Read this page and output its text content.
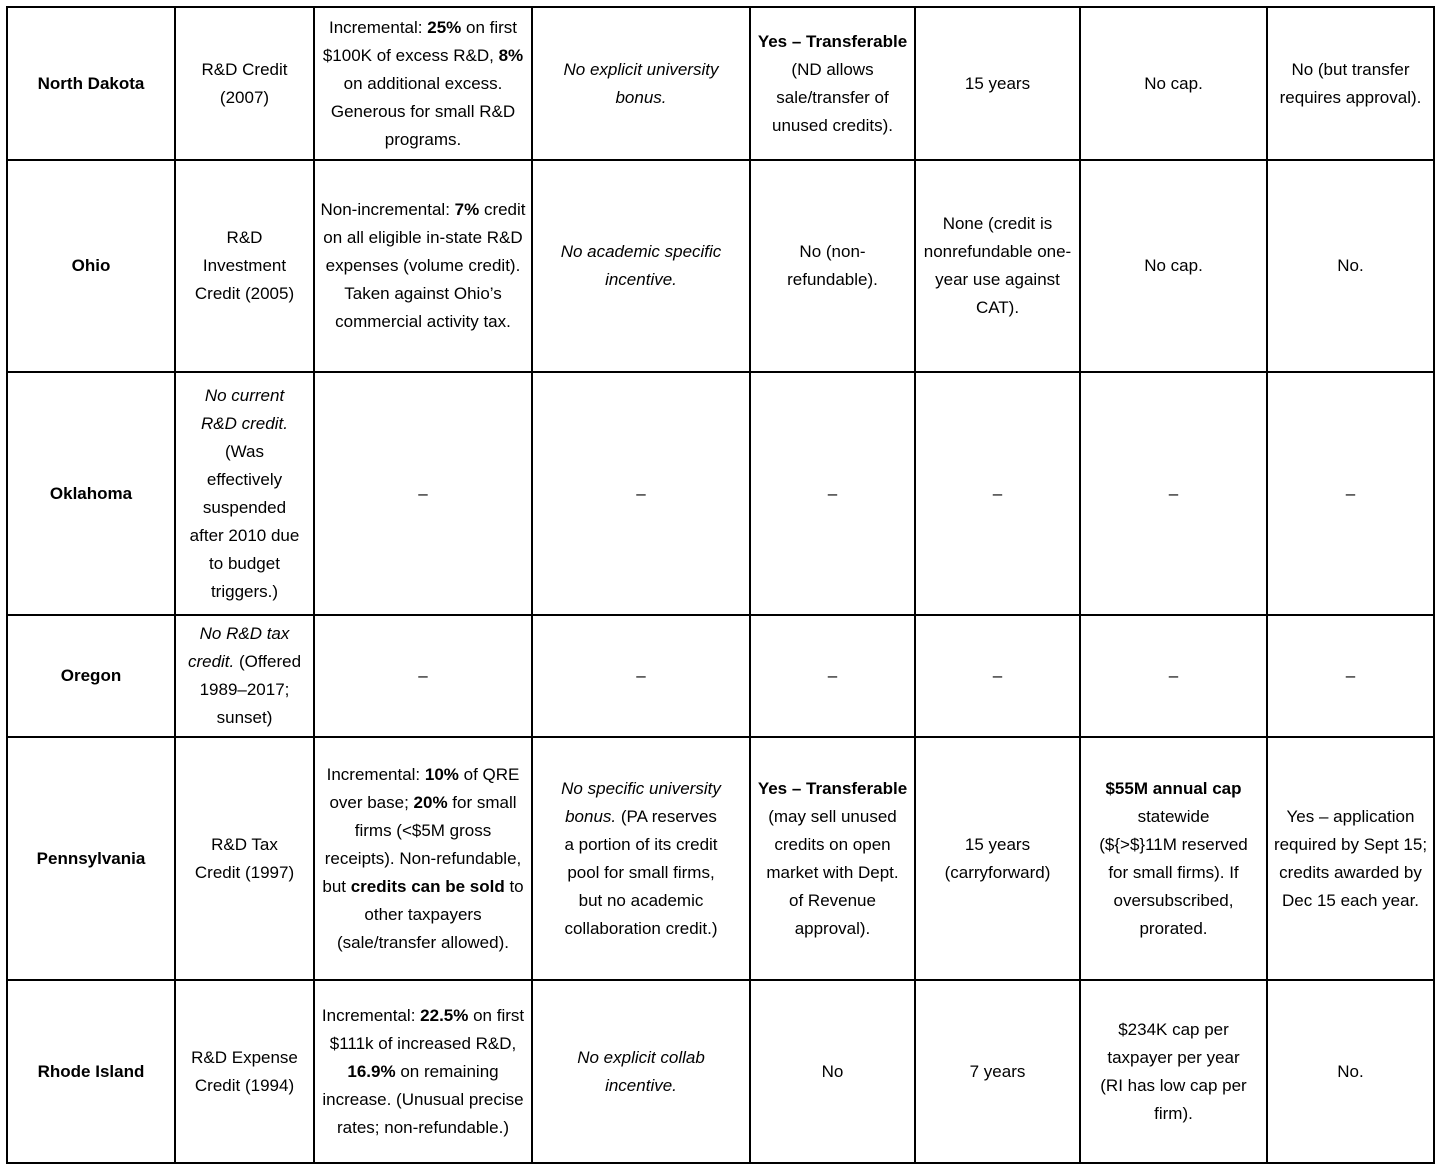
North Dakota	R&D Credit (2007)	Incremental: 25% on first $100K of excess R&D, 8% on additional excess. Generous for small R&D programs.	No explicit university bonus.	Yes – Transferable (ND allows sale/transfer of unused credits).	15 years	No cap.	No (but transfer requires approval).
Ohio	R&D Investment Credit (2005)	Non-incremental: 7% credit on all eligible in-state R&D expenses (volume credit). Taken against Ohio’s commercial activity tax.	No academic specific incentive.	No (non-refundable).	None (credit is nonrefundable one-year use against CAT).	No cap.	No.
Oklahoma	No current R&D credit. (Was effectively suspended after 2010 due to budget triggers.)	–	–	–	–	–	–
Oregon	No R&D tax credit. (Offered 1989–2017; sunset)	–	–	–	–	–	–
Pennsylvania	R&D Tax Credit (1997)	Incremental: 10% of QRE over base; 20% for small firms (<$5M gross receipts). Non-refundable, but credits can be sold to other taxpayers (sale/transfer allowed).	No specific university bonus. (PA reserves a portion of its credit pool for small firms, but no academic collaboration credit.)	Yes – Transferable (may sell unused credits on open market with Dept. of Revenue approval).	15 years (carryforward)	$55M annual cap statewide (${>$}11M reserved for small firms). If oversubscribed, prorated.	Yes – application required by Sept 15; credits awarded by Dec 15 each year.
Rhode Island	R&D Expense Credit (1994)	Incremental: 22.5% on first $111k of increased R&D, 16.9% on remaining increase. (Unusual precise rates; non-refundable.)	No explicit collab incentive.	No	7 years	$234K cap per taxpayer per year (RI has low cap per firm).	No.
